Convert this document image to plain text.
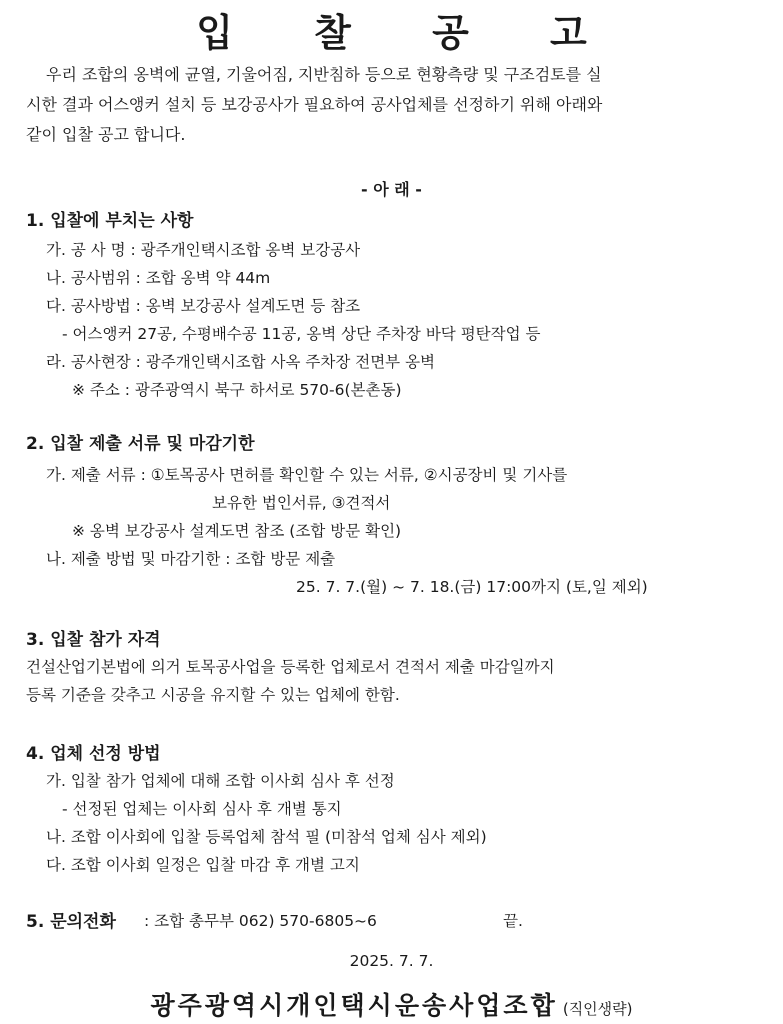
입 찰 공 고
우리 조합의 옹벽에 균열, 기울어짐, 지반침하 등으로 현황측량 및 구조검토를 실
시한 결과 어스앵커 설치 등 보강공사가 필요하여 공사업체를 선정하기 위해 아래와
같이 입찰 공고 합니다.
- 아 래 -
1. 입찰에 부치는 사항
가. 공 사 명 : 광주개인택시조합 옹벽 보강공사
나. 공사범위 : 조합 옹벽 약 44m
다. 공사방법 : 옹벽 보강공사 설계도면 등 참조
- 어스앵커 27공, 수평배수공 11공, 옹벽 상단 주차장 바닥 평탄작업 등
라. 공사현장 : 광주개인택시조합 사옥 주차장 전면부 옹벽
※ 주소 : 광주광역시 북구 하서로 570-6(본촌동)
2. 입찰 제출 서류 및 마감기한
가. 제출 서류 : ①토목공사 면허를 확인할 수 있는 서류, ②시공장비 및 기사를
보유한 법인서류, ③견적서
※ 옹벽 보강공사 설계도면 참조 (조합 방문 확인)
나. 제출 방법 및 마감기한 : 조합 방문 제출
25. 7. 7.(월) ~ 7. 18.(금) 17:00까지 (토,일 제외)
3. 입찰 참가 자격
건설산업기본법에 의거 토목공사업을 등록한 업체로서 견적서 제출 마감일까지
등록 기준을 갖추고 시공을 유지할 수 있는 업체에 한함.
4. 업체 선정 방법
가. 입찰 참가 업체에 대해 조합 이사회 심사 후 선정
- 선정된 업체는 이사회 심사 후 개별 통지
나. 조합 이사회에 입찰 등록업체 참석 필 (미참석 업체 심사 제외)
다. 조합 이사회 일정은 입찰 마감 후 개별 고지
5. 문의전화 : 조합 총무부 062) 570-6805~6	끝.
2025. 7. 7.
광주광역시개인택시운송사업조합 (직인생략)
